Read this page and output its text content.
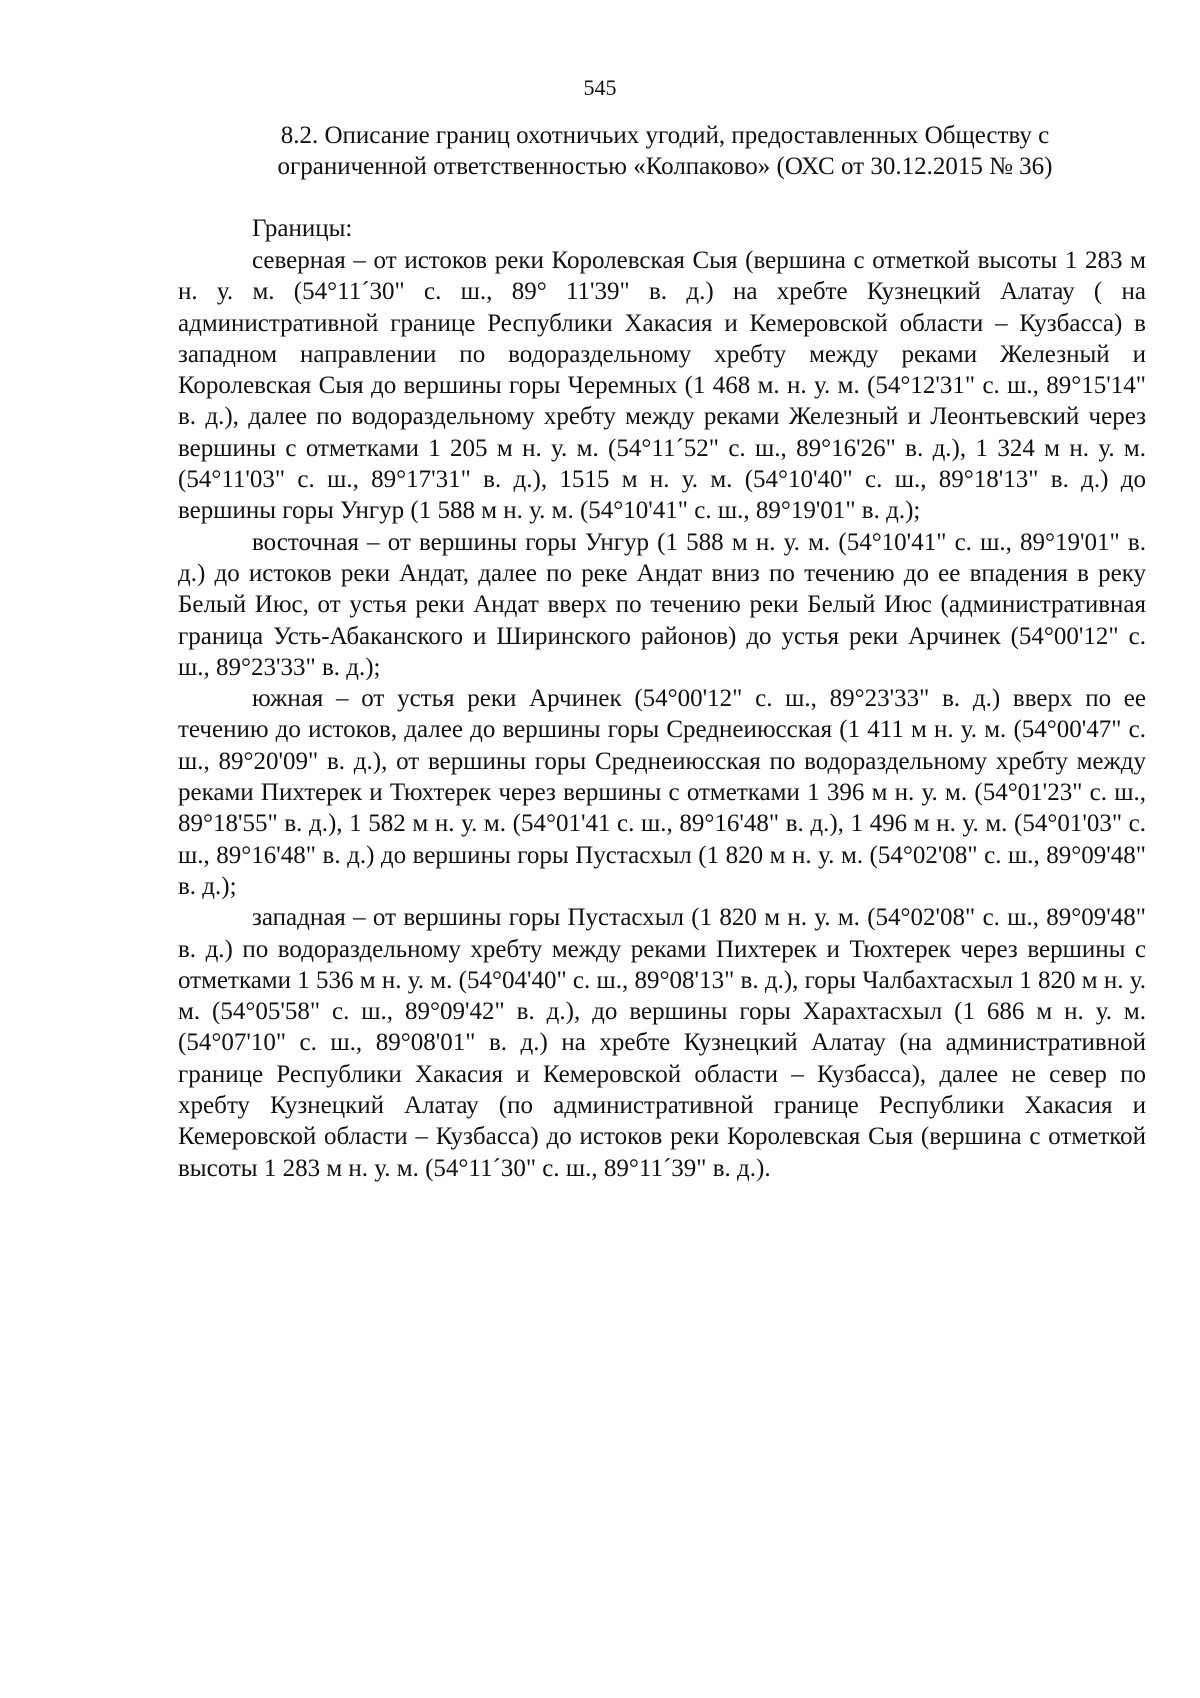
545
8.2. Описание границ охотничьих угодий, предоставленных Обществу с ограниченной ответственностью «Колпаково» (ОХС от 30.12.2015 № 36)
Границы:

северная – от истоков реки Королевская Сыя (вершина с отметкой высоты 1 283 м н. у. м. (54°11´30" с. ш., 89° 11'39" в. д.) на хребте Кузнецкий Алатау ( на административной границе Республики Хакасия и Кемеровской области – Кузбасса) в западном направлении по водораздельному хребту между реками Железный и Королевская Сыя до вершины горы Черемных (1 468 м. н. у. м. (54°12'31" с. ш., 89°15'14" в. д.), далее по водораздельному хребту между реками Железный и Леонтьевский через вершины с отметками 1 205 м н. у. м. (54°11´52" с. ш., 89°16'26" в. д.), 1 324 м н. у. м. (54°11'03" с. ш., 89°17'31" в. д.), 1515 м н. у. м. (54°10'40" с. ш., 89°18'13" в. д.) до вершины горы Унгур (1 588 м н. у. м. (54°10'41" с. ш., 89°19'01" в. д.);

восточная – от вершины горы Унгур (1 588 м н. у. м. (54°10'41" с. ш., 89°19'01" в. д.) до истоков реки Андат, далее по реке Андат вниз по течению до ее впадения в реку Белый Июс, от устья реки Андат вверх по течению реки Белый Июс (административная граница Усть-Абаканского и Ширинского районов) до устья реки Арчинек (54°00'12" с. ш., 89°23'33" в. д.);

южная – от устья реки Арчинек (54°00'12" с. ш., 89°23'33" в. д.) вверх по ее течению до истоков, далее до вершины горы Среднеиюсская (1 411 м н. у. м. (54°00'47" с. ш., 89°20'09" в. д.), от вершины горы Среднеиюсская по водораздельному хребту между реками Пихтерек и Тюхтерек через вершины с отметками 1 396 м н. у. м. (54°01'23" с. ш., 89°18'55" в. д.), 1 582 м н. у. м. (54°01'41 с. ш., 89°16'48" в. д.), 1 496 м н. у. м. (54°01'03" с. ш., 89°16'48" в. д.) до вершины горы Пустасхыл (1 820 м н. у. м. (54°02'08" с. ш., 89°09'48" в. д.);

западная – от вершины горы Пустасхыл (1 820 м н. у. м. (54°02'08" с. ш., 89°09'48" в. д.) по водораздельному хребту между реками Пихтерек и Тюхтерек через вершины с отметками 1 536 м н. у. м. (54°04'40" с. ш., 89°08'13" в. д.), горы Чалбахтасхыл 1 820 м н. у. м. (54°05'58" с. ш., 89°09'42" в. д.), до вершины горы Харахтасхыл (1 686 м н. у. м. (54°07'10" с. ш., 89°08'01" в. д.) на хребте Кузнецкий Алатау (на административной границе Республики Хакасия и Кемеровской области – Кузбасса), далее не север по хребту Кузнецкий Алатау (по административной границе Республики Хакасия и Кемеровской области – Кузбасса) до истоков реки Королевская Сыя (вершина с отметкой высоты 1 283 м н. у. м. (54°11´30" с. ш., 89°11´39" в. д.).
